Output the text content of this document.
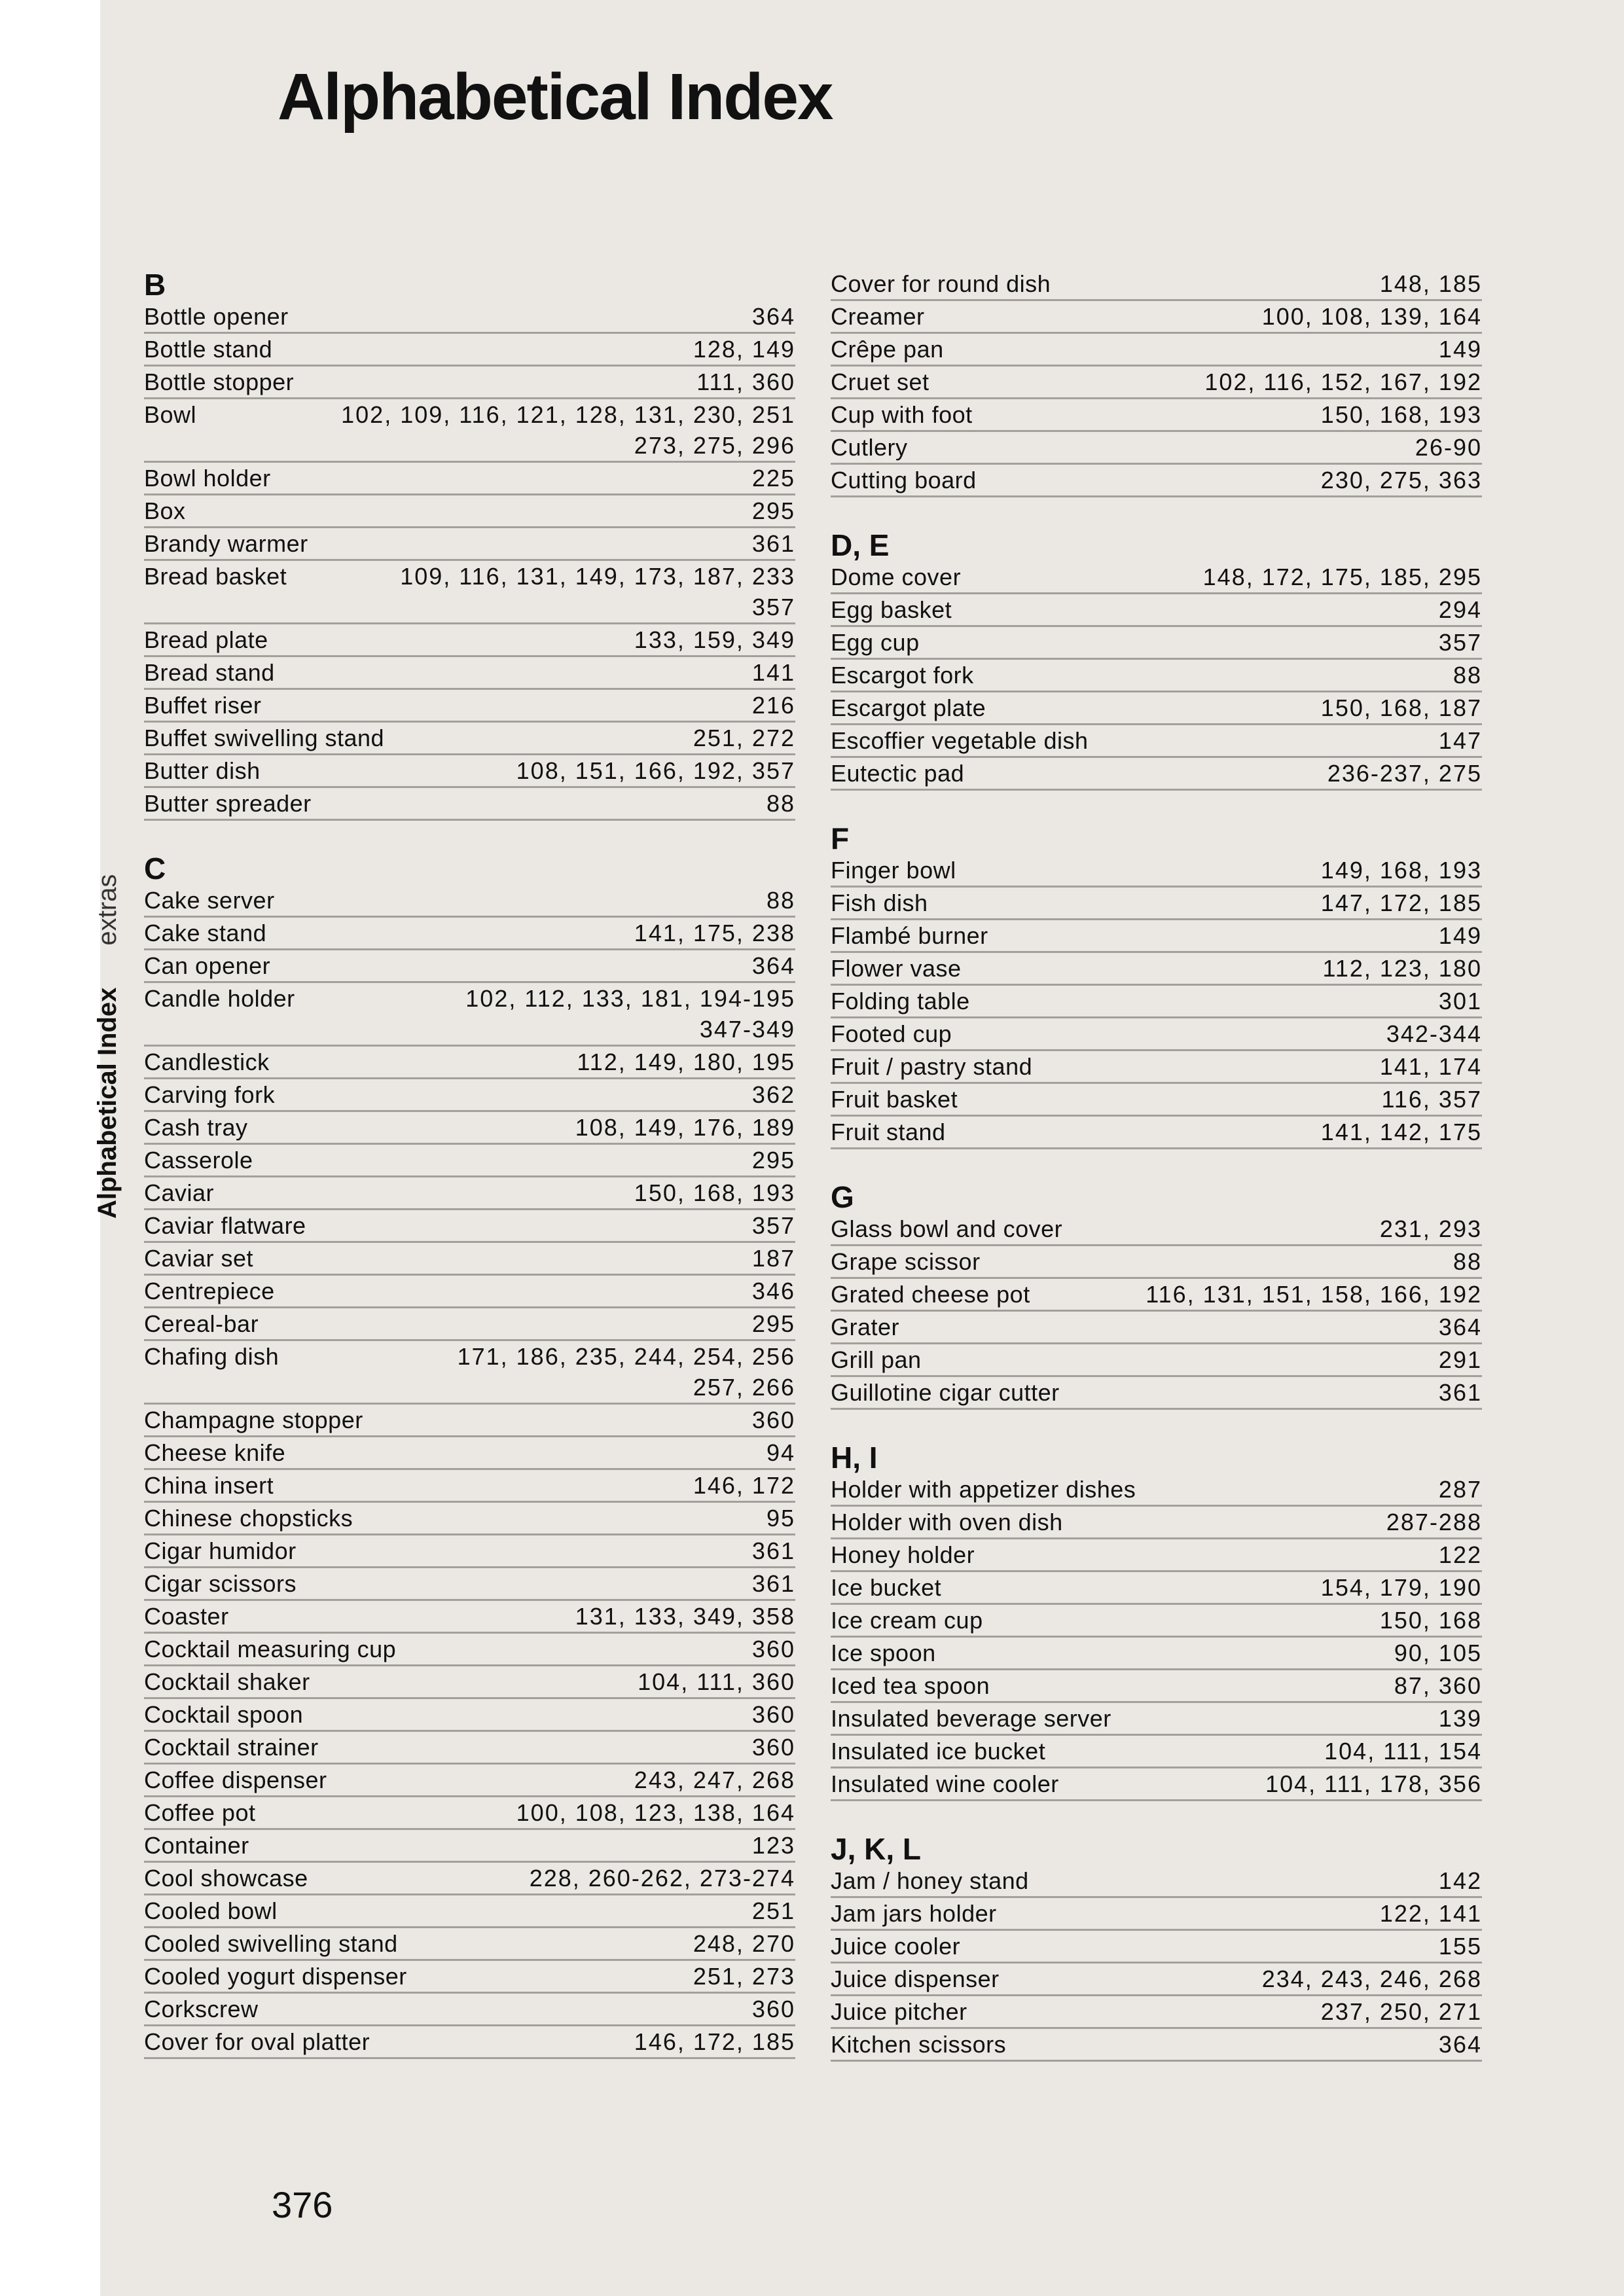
Alphabetical Index
Alphabetical Indexextras
B
Bottle opener	364
Bottle stand	128, 149
Bottle stopper	111, 360
Bowl	102, 109, 116, 121, 128, 131, 230, 251
273, 275, 296
Bowl holder	225
Box	295
Brandy warmer	361
Bread basket	109, 116, 131, 149, 173, 187, 233
357
Bread plate	133, 159, 349
Bread stand	141
Buffet riser	216
Buffet swivelling stand	251, 272
Butter dish	108, 151, 166, 192, 357
Butter spreader	88
C
Cake server	88
Cake stand	141, 175, 238
Can opener	364
Candle holder	102, 112, 133, 181, 194-195
347-349
Candlestick	112, 149, 180, 195
Carving fork	362
Cash tray	108, 149, 176, 189
Casserole	295
Caviar	150, 168, 193
Caviar flatware	357
Caviar set	187
Centrepiece	346
Cereal-bar	295
Chafing dish	171, 186, 235, 244, 254, 256
257, 266
Champagne stopper	360
Cheese knife	94
China insert	146, 172
Chinese chopsticks	95
Cigar humidor	361
Cigar scissors	361
Coaster	131, 133, 349, 358
Cocktail measuring cup	360
Cocktail shaker	104, 111, 360
Cocktail spoon	360
Cocktail strainer	360
Coffee dispenser	243, 247, 268
Coffee pot	100, 108, 123, 138, 164
Container	123
Cool showcase	228, 260-262, 273-274
Cooled bowl	251
Cooled swivelling stand	248, 270
Cooled yogurt dispenser	251, 273
Corkscrew	360
Cover for oval platter	146, 172, 185
Cover for round dish	148, 185
Creamer	100, 108, 139, 164
Crêpe pan	149
Cruet set	102, 116, 152, 167, 192
Cup with foot	150, 168, 193
Cutlery	26-90
Cutting board	230, 275, 363
D, E
Dome cover	148, 172, 175, 185, 295
Egg basket	294
Egg cup	357
Escargot fork	88
Escargot plate	150, 168, 187
Escoffier vegetable dish	147
Eutectic pad	236-237, 275
F
Finger bowl	149, 168, 193
Fish dish	147, 172, 185
Flambé burner	149
Flower vase	112, 123, 180
Folding table	301
Footed cup	342-344
Fruit / pastry stand	141, 174
Fruit basket	116, 357
Fruit stand	141, 142, 175
G
Glass bowl and cover	231, 293
Grape scissor	88
Grated cheese pot	116, 131, 151, 158, 166, 192
Grater	364
Grill pan	291
Guillotine cigar cutter	361
H, I
Holder with appetizer dishes	287
Holder with oven dish	287-288
Honey holder	122
Ice bucket	154, 179, 190
Ice cream cup	150, 168
Ice spoon	90, 105
Iced tea spoon	87, 360
Insulated beverage server	139
Insulated ice bucket	104, 111, 154
Insulated wine cooler	104, 111, 178, 356
J, K, L
Jam / honey stand	142
Jam jars holder	122, 141
Juice cooler	155
Juice dispenser	234, 243, 246, 268
Juice pitcher	237, 250, 271
Kitchen scissors	364
376
